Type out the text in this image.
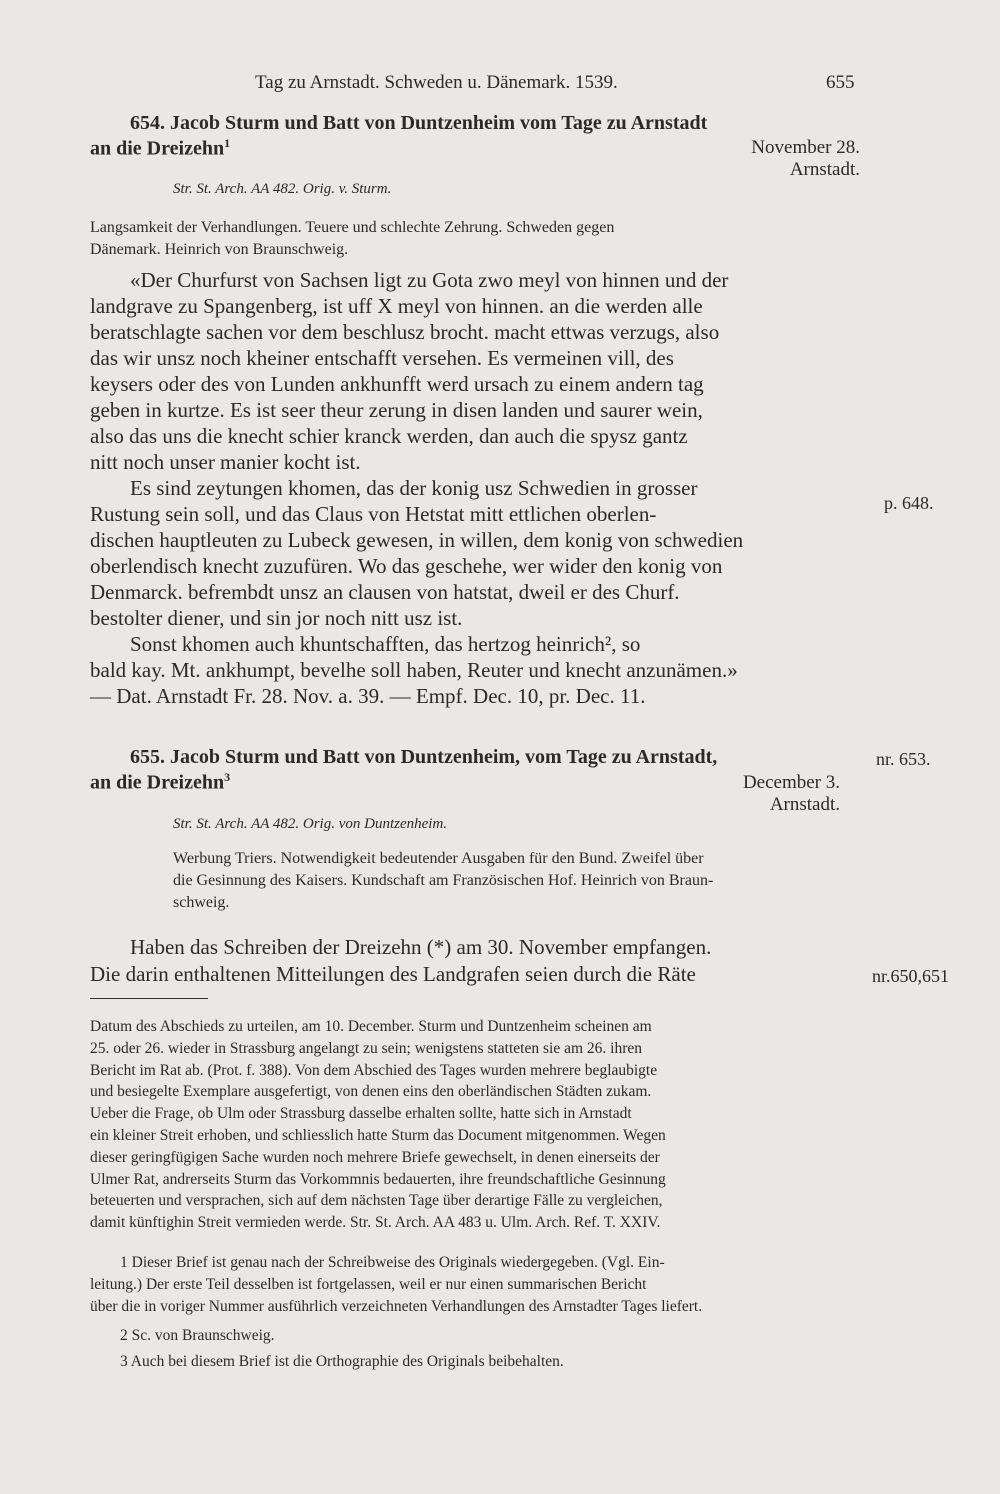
Tag zu Arnstadt. Schweden u. Dänemark. 1539.	655
654. Jacob Sturm und Batt von Duntzenheim vom Tage zu Arnstadt
an die Dreizehn$^1$	November 28.
Arnstadt.
Str. St. Arch. AA 482. Orig. v. Sturm.
Langsamkeit der Verhandlungen. Teuere und schlechte Zehrung. Schweden gegen
Dänemark. Heinrich von Braunschweig.
«Der Churfurst von Sachsen ligt zu Gota zwo meyl von hinnen und der
landgrave zu Spangenberg, ist uff X meyl von hinnen. an die werden alle
beratschlagte sachen vor dem beschlusz brocht. macht ettwas verzugs, also
das wir unsz noch kheiner entschafft versehen. Es vermeinen vill, des
keysers oder des von Lunden ankhunfft werd ursach zu einem andern tag
geben in kurtze. Es ist seer theur zerung in disen landen und saurer wein,
also das uns die knecht schier kranck werden, dan auch die spysz gantz
nitt noch unser manier kocht ist.
Es sind zeytungen khomen, das der konig usz Schwedien in grosser
Rustung sein soll, und das Claus von Hetstat mitt ettlichen oberlen-
dischen hauptleuten zu Lubeck gewesen, in willen, dem konig von schwedien
oberlendisch knecht zuzufüren. Wo das geschehe, wer wider den konig von
Denmarck. befrembdt unsz an clausen von hatstat, dweil er des Churf.
bestolter diener, und sin jor noch nitt usz ist.
Sonst khomen auch khuntschafften, das hertzog heinrich², so
bald kay. Mt. ankhumpt, bevelhe soll haben, Reuter und knecht anzunämen.»
— Dat. Arnstadt Fr. 28. Nov. a. 39. — Empf. Dec. 10, pr. Dec. 11.
p. 648.
655. Jacob Sturm und Batt von Duntzenheim, vom Tage zu Arnstadt,	nr. 653.
an die Dreizehn$^3$	December 3.
Arnstadt.
Str. St. Arch. AA 482. Orig. von Duntzenheim.
Werbung Triers. Notwendigkeit bedeutender Ausgaben für den Bund. Zweifel über
die Gesinnung des Kaisers. Kundschaft am Französischen Hof. Heinrich von Braun-
schweig.
Haben das Schreiben der Dreizehn (*) am 30. November empfangen.
Die darin enthaltenen Mitteilungen des Landgrafen seien durch die Räte	nr.650,651
Datum des Abschieds zu urteilen, am 10. December. Sturm und Duntzenheim scheinen am
25. oder 26. wieder in Strassburg angelangt zu sein; wenigstens statteten sie am 26. ihren
Bericht im Rat ab. (Prot. f. 388). Von dem Abschied des Tages wurden mehrere beglaubigte
und besiegelte Exemplare ausgefertigt, von denen eins den oberländischen Städten zukam.
Ueber die Frage, ob Ulm oder Strassburg dasselbe erhalten sollte, hatte sich in Arnstadt
ein kleiner Streit erhoben, und schliesslich hatte Sturm das Document mitgenommen. Wegen
dieser geringfügigen Sache wurden noch mehrere Briefe gewechselt, in denen einerseits der
Ulmer Rat, andrerseits Sturm das Vorkommnis bedauerten, ihre freundschaftliche Gesinnung
beteuerten und versprachen, sich auf dem nächsten Tage über derartige Fälle zu vergleichen,
damit künftighin Streit vermieden werde. Str. St. Arch. AA 483 u. Ulm. Arch. Ref. T. XXIV.
1 Dieser Brief ist genau nach der Schreibweise des Originals wiedergegeben. (Vgl. Ein-
leitung.) Der erste Teil desselben ist fortgelassen, weil er nur einen summarischen Bericht
über die in voriger Nummer ausführlich verzeichneten Verhandlungen des Arnstadter Tages liefert.
2 Sc. von Braunschweig.
3 Auch bei diesem Brief ist die Orthographie des Originals beibehalten.
